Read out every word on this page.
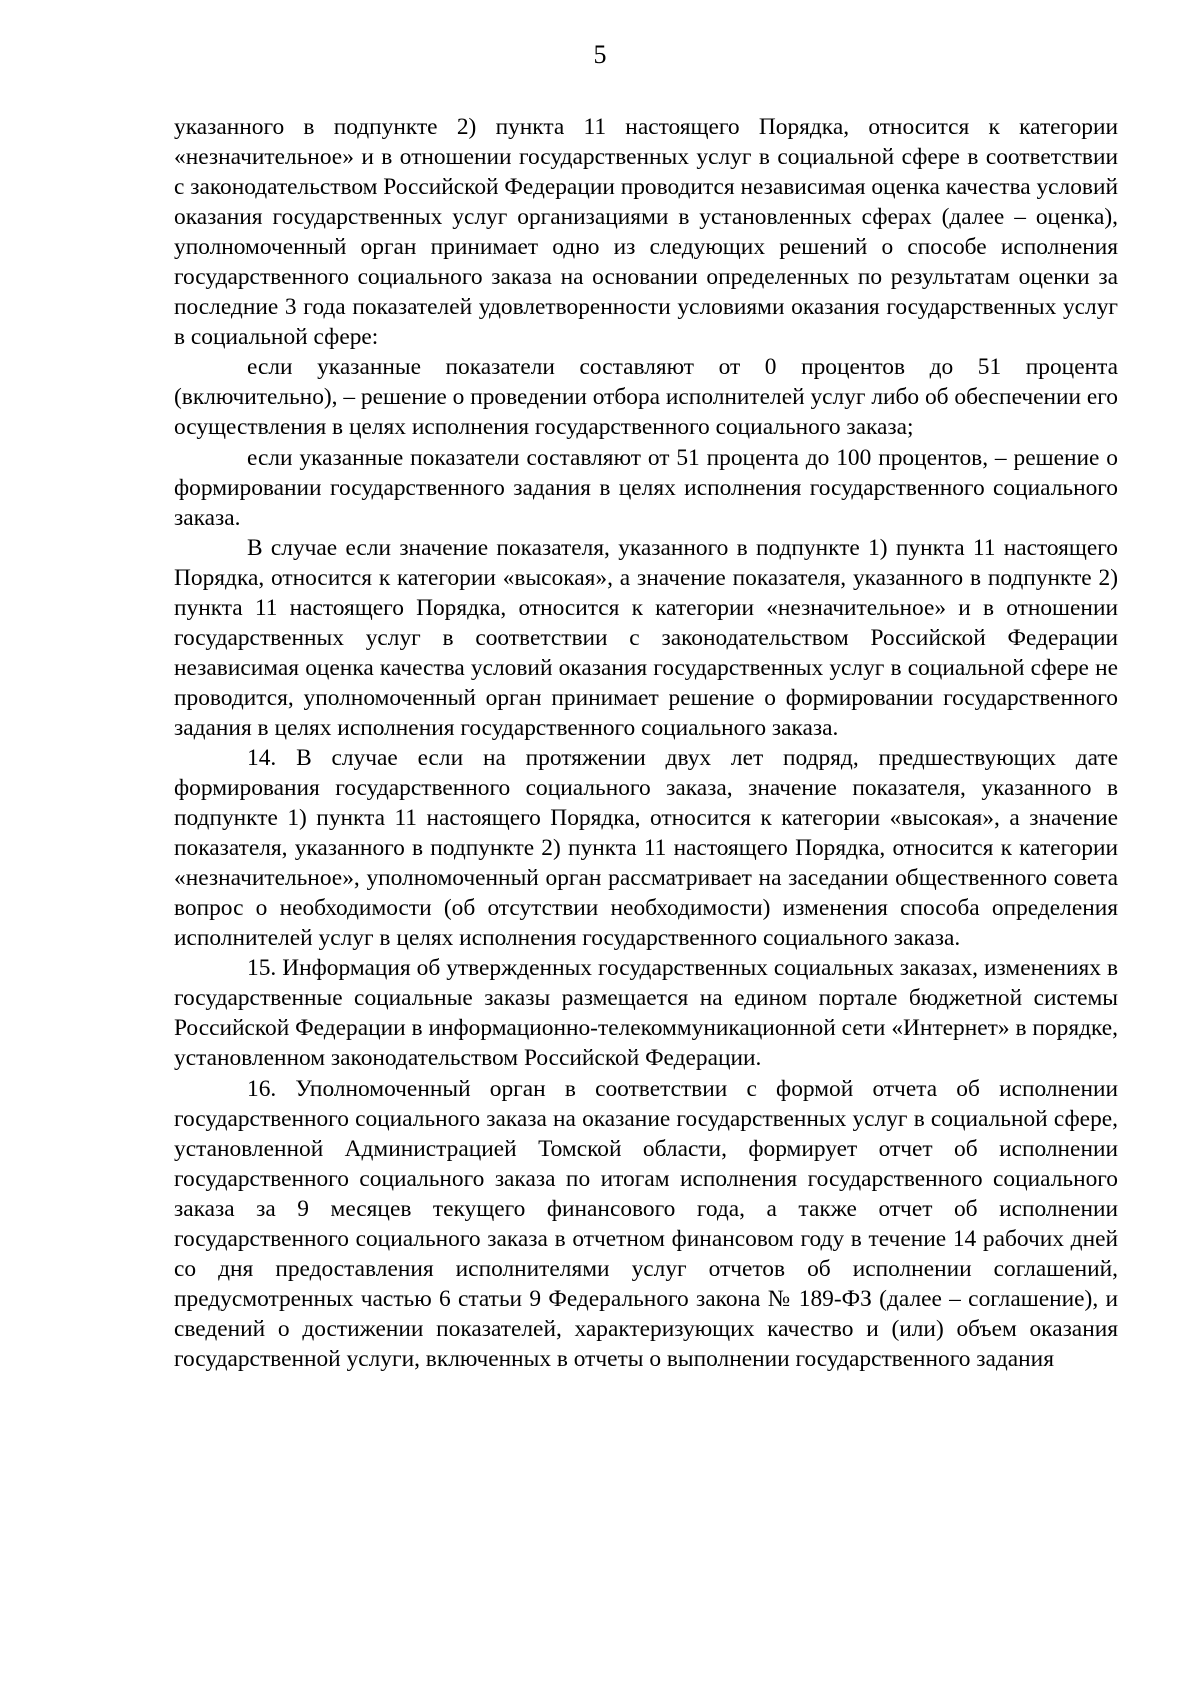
5

указанного в подпункте 2) пункта 11 настоящего Порядка, относится к категории «незначительное» и в отношении государственных услуг в социальной сфере в соответствии с законодательством Российской Федерации проводится независимая оценка качества условий оказания государственных услуг организациями в установленных сферах (далее – оценка), уполномоченный орган принимает одно из следующих решений о способе исполнения государственного социального заказа на основании определенных по результатам оценки за последние 3 года показателей удовлетворенности условиями оказания государственных услуг в социальной сфере:

если указанные показатели составляют от 0 процентов до 51 процента (включительно), – решение о проведении отбора исполнителей услуг либо об обеспечении его осуществления в целях исполнения государственного социального заказа;

если указанные показатели составляют от 51 процента до 100 процентов, – решение о формировании государственного задания в целях исполнения государственного социального заказа.

В случае если значение показателя, указанного в подпункте 1) пункта 11 настоящего Порядка, относится к категории «высокая», а значение показателя, указанного в подпункте 2) пункта 11 настоящего Порядка, относится к категории «незначительное» и в отношении государственных услуг в соответствии с законодательством Российской Федерации независимая оценка качества условий оказания государственных услуг в социальной сфере не проводится, уполномоченный орган принимает решение о формировании государственного задания в целях исполнения государственного социального заказа.

14. В случае если на протяжении двух лет подряд, предшествующих дате формирования государственного социального заказа, значение показателя, указанного в подпункте 1) пункта 11 настоящего Порядка, относится к категории «высокая», а значение показателя, указанного в подпункте 2) пункта 11 настоящего Порядка, относится к категории «незначительное», уполномоченный орган рассматривает на заседании общественного совета вопрос о необходимости (об отсутствии необходимости) изменения способа определения исполнителей услуг в целях исполнения государственного социального заказа.

15. Информация об утвержденных государственных социальных заказах, изменениях в государственные социальные заказы размещается на едином портале бюджетной системы Российской Федерации в информационно-телекоммуникационной сети «Интернет» в порядке, установленном законодательством Российской Федерации.

16. Уполномоченный орган в соответствии с формой отчета об исполнении государственного социального заказа на оказание государственных услуг в социальной сфере, установленной Администрацией Томской области, формирует отчет об исполнении государственного социального заказа по итогам исполнения государственного социального заказа за 9 месяцев текущего финансового года, а также отчет об исполнении государственного социального заказа в отчетном финансовом году в течение 14 рабочих дней со дня предоставления исполнителями услуг отчетов об исполнении соглашений, предусмотренных частью 6 статьи 9 Федерального закона № 189-ФЗ (далее – соглашение), и сведений о достижении показателей, характеризующих качество и (или) объем оказания государственной услуги, включенных в отчеты о выполнении государственного задания
